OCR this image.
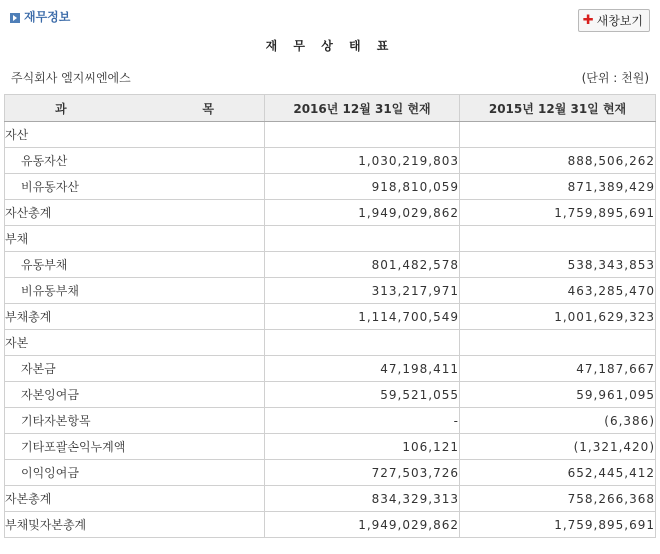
재무정보	✚ 새창보기
재 무 상 태 표
주식회사 엘지씨엔에스	(단위 : 천원)
과 목	2016년 12월 31일 현재	2015년 12월 31일 현재
자산		
유동자산	1,030,219,803	888,506,262
비유동자산	918,810,059	871,389,429
자산총계	1,949,029,862	1,759,895,691
부채		
유동부채	801,482,578	538,343,853
비유동부채	313,217,971	463,285,470
부채총계	1,114,700,549	1,001,629,323
자본		
자본금	47,198,411	47,187,667
자본잉여금	59,521,055	59,961,095
기타자본항목	-	(6,386)
기타포괄손익누계액	106,121	(1,321,420)
이익잉여금	727,503,726	652,445,412
자본총계	834,329,313	758,266,368
부채및자본총계	1,949,029,862	1,759,895,691
